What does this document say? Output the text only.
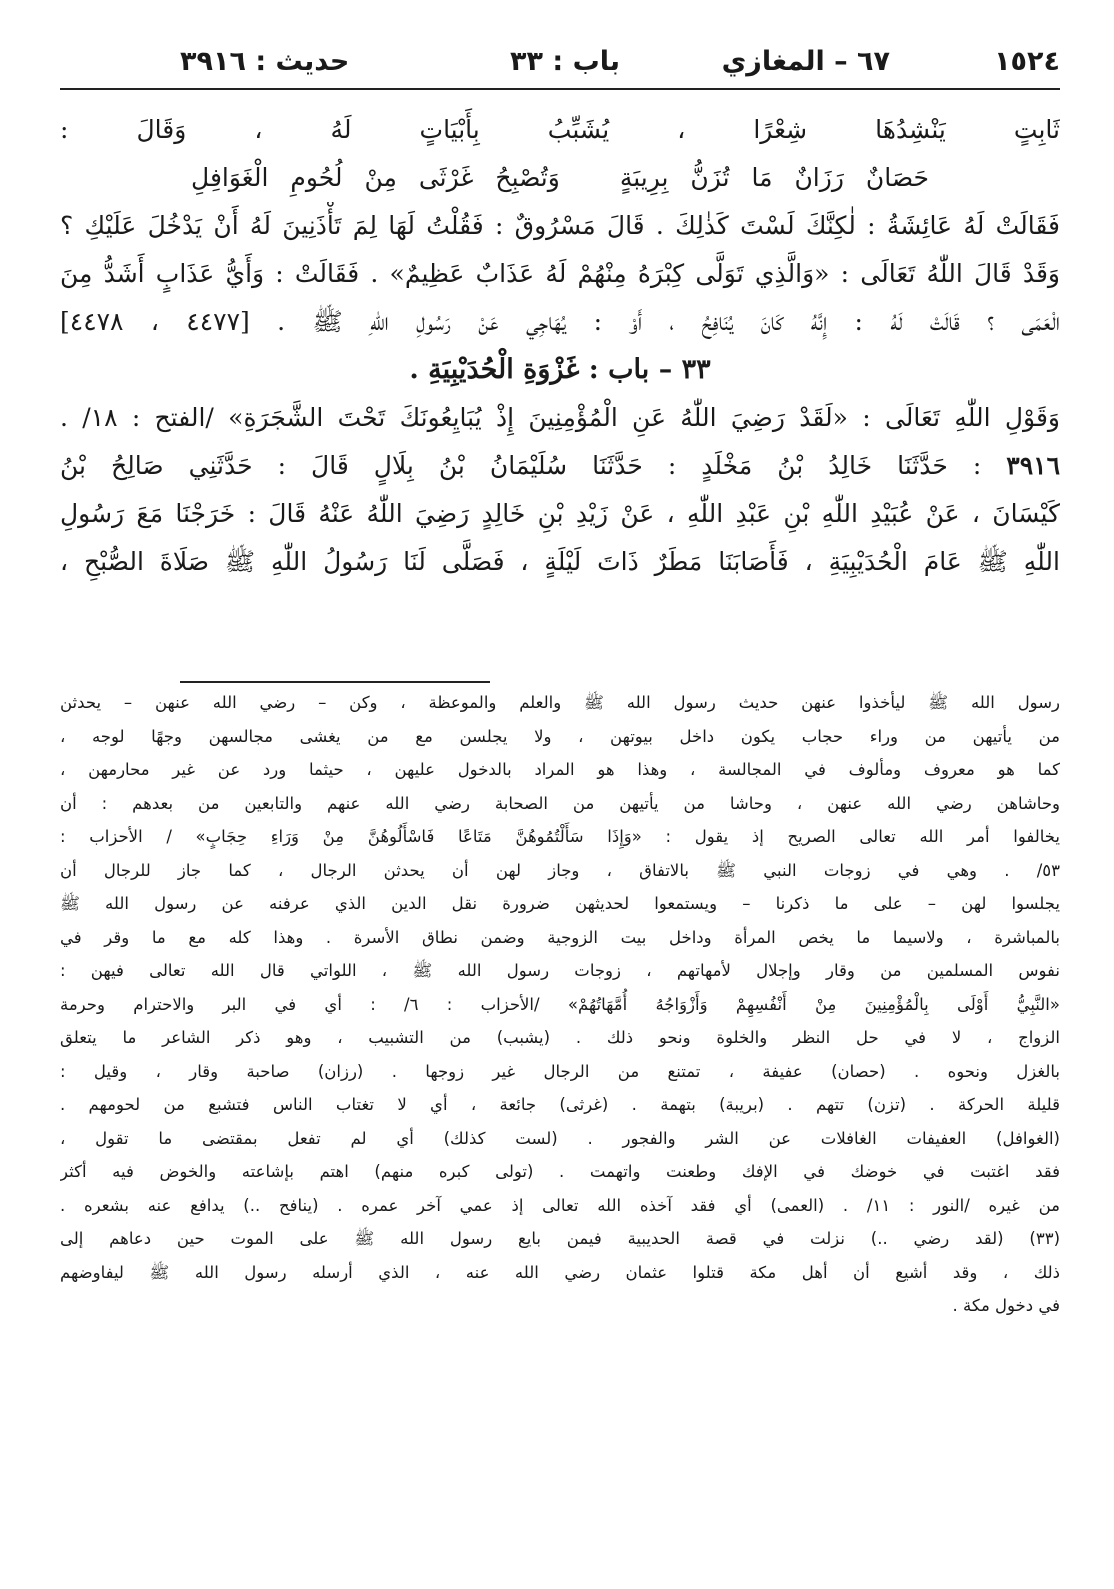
١٥٢٤
٦٧ – المغازي
باب : ٣٣
حديث : ٣٩١٦
ثَابِتٍ يَنْشِدُهَا شِعْرًا ، يُشَبِّبُ بِأَبْيَاتٍ لَهُ ، وَقَالَ :
حَصَانٌ رَزَانٌ مَا تُزَنُّ بِرِيبَةٍوَتُصْبِحُ غَرْثَى مِنْ لُحُومِ الْغَوَافِلِ
فَقَالَتْ لَهُ عَائِشَةُ : لٰكِنَّكَ لَسْتَ كَذٰلِكَ . قَالَ مَسْرُوقٌ : فَقُلْتُ لَهَا لِمَ تَأْذَنِينَ لَهُ أَنْ يَدْخُلَ عَلَيْكِ ؟
وَقَدْ قَالَ اللّٰهُ تَعَالَى : «وَالَّذِي تَوَلَّى كِبْرَهُ مِنْهُمْ لَهُ عَذَابٌ عَظِيمٌ» . فَقَالَتْ : وَأَيُّ عَذَابٍ أَشَدُّ مِنَ
الْعَمَى ؟ قَالَتْ لَهُ : إِنَّهُ كَانَ يُنَافِحُ ، أَوْ : يُهَاجِي عَنْ رَسُولِ اللّٰهِ ﷺ . [٤٤٧٧ ، ٤٤٧٨]
٣٣ – باب : غَزْوَةِ الْحُدَيْبِيَةِ .
وَقَوْلِ اللّٰهِ تَعَالَى : «لَقَدْ رَضِيَ اللّٰهُ عَنِ الْمُؤْمِنِينَ إِذْ يُبَايِعُونَكَ تَحْتَ الشَّجَرَةِ» /الفتح : ١٨/ .
٣٩١٦ : حَدَّثَنَا خَالِدُ بْنُ مَخْلَدٍ : حَدَّثَنَا سُلَيْمَانُ بْنُ بِلَالٍ قَالَ : حَدَّثَنِي صَالِحُ بْنُ
كَيْسَانَ ، عَنْ عُبَيْدِ اللّٰهِ بْنِ عَبْدِ اللّٰهِ ، عَنْ زَيْدِ بْنِ خَالِدٍ رَضِيَ اللّٰهُ عَنْهُ قَالَ : خَرَجْنَا مَعَ رَسُولِ
اللّٰهِ ﷺ عَامَ الْحُدَيْبِيَةِ ، فَأَصَابَنَا مَطَرٌ ذَاتَ لَيْلَةٍ ، فَصَلَّى لَنَا رَسُولُ اللّٰهِ ﷺ صَلَاةَ الصُّبْحِ ،
رسول الله ﷺ ليأخذوا عنهن حديث رسول الله ﷺ والعلم والموعظة ، وكن – رضي الله عنهن – يحدثن
من يأتيهن من وراء حجاب يكون داخل بيوتهن ، ولا يجلسن مع من يغشى مجالسهن وجهًا لوجه ،
كما هو معروف ومألوف في المجالسة ، وهذا هو المراد بالدخول عليهن ، حيثما ورد عن غير محارمهن ،
وحاشاهن رضي الله عنهن ، وحاشا من يأتيهن من الصحابة رضي الله عنهم والتابعين من بعدهم : أن
يخالفوا أمر الله تعالى الصريح إذ يقول : «وَإِذَا سَأَلْتُمُوهُنَّ مَتَاعًا فَاسْأَلُوهُنَّ مِنْ وَرَاءِ حِجَابٍ» / الأحزاب :
٥٣/ . وهي في زوجات النبي ﷺ بالاتفاق ، وجاز لهن أن يحدثن الرجال ، كما جاز للرجال أن
يجلسوا لهن – على ما ذكرنا – ويستمعوا لحديثهن ضرورة نقل الدين الذي عرفنه عن رسول الله ﷺ
بالمباشرة ، ولاسيما ما يخص المرأة وداخل بيت الزوجية وضمن نطاق الأسرة . وهذا كله مع ما وقر في
نفوس المسلمين من وقار وإجلال لأمهاتهم ، زوجات رسول الله ﷺ ، اللواتي قال الله تعالى فيهن :
«النَّبِيُّ أَوْلَى بِالْمُؤْمِنِينَ مِنْ أَنْفُسِهِمْ وَأَزْوَاجُهُ أُمَّهَاتُهُمْ» /الأحزاب : ٦/ : أي في البر والاحترام وحرمة
الزواج ، لا في حل النظر والخلوة ونحو ذلك . (يشبب) من التشبيب ، وهو ذكر الشاعر ما يتعلق
بالغزل ونحوه . (حصان) عفيفة ، تمتنع من الرجال غير زوجها . (رزان) صاحبة وقار ، وقيل :
قليلة الحركة . (تزن) تتهم . (بريبة) بتهمة . (غرثى) جائعة ، أي لا تغتاب الناس فتشبع من لحومهم .
(الغوافل) العفيفات الغافلات عن الشر والفجور . (لست كذلك) أي لم تفعل بمقتضى ما تقول ،
فقد اغتبت في خوضك في الإفك وطعنت واتهمت . (تولى كبره منهم) اهتم بإشاعته والخوض فيه أكثر
من غيره /النور : ١١/ . (العمى) أي فقد آخذه الله تعالى إذ عمي آخر عمره . (ينافح ..) يدافع عنه بشعره .
(٣٣) (لقد رضي ..) نزلت في قصة الحديبية فيمن بايع رسول الله ﷺ على الموت حين دعاهم إلى
ذلك ، وقد أشيع أن أهل مكة قتلوا عثمان رضي الله عنه ، الذي أرسله رسول الله ﷺ ليفاوضهم
في دخول مكة .
